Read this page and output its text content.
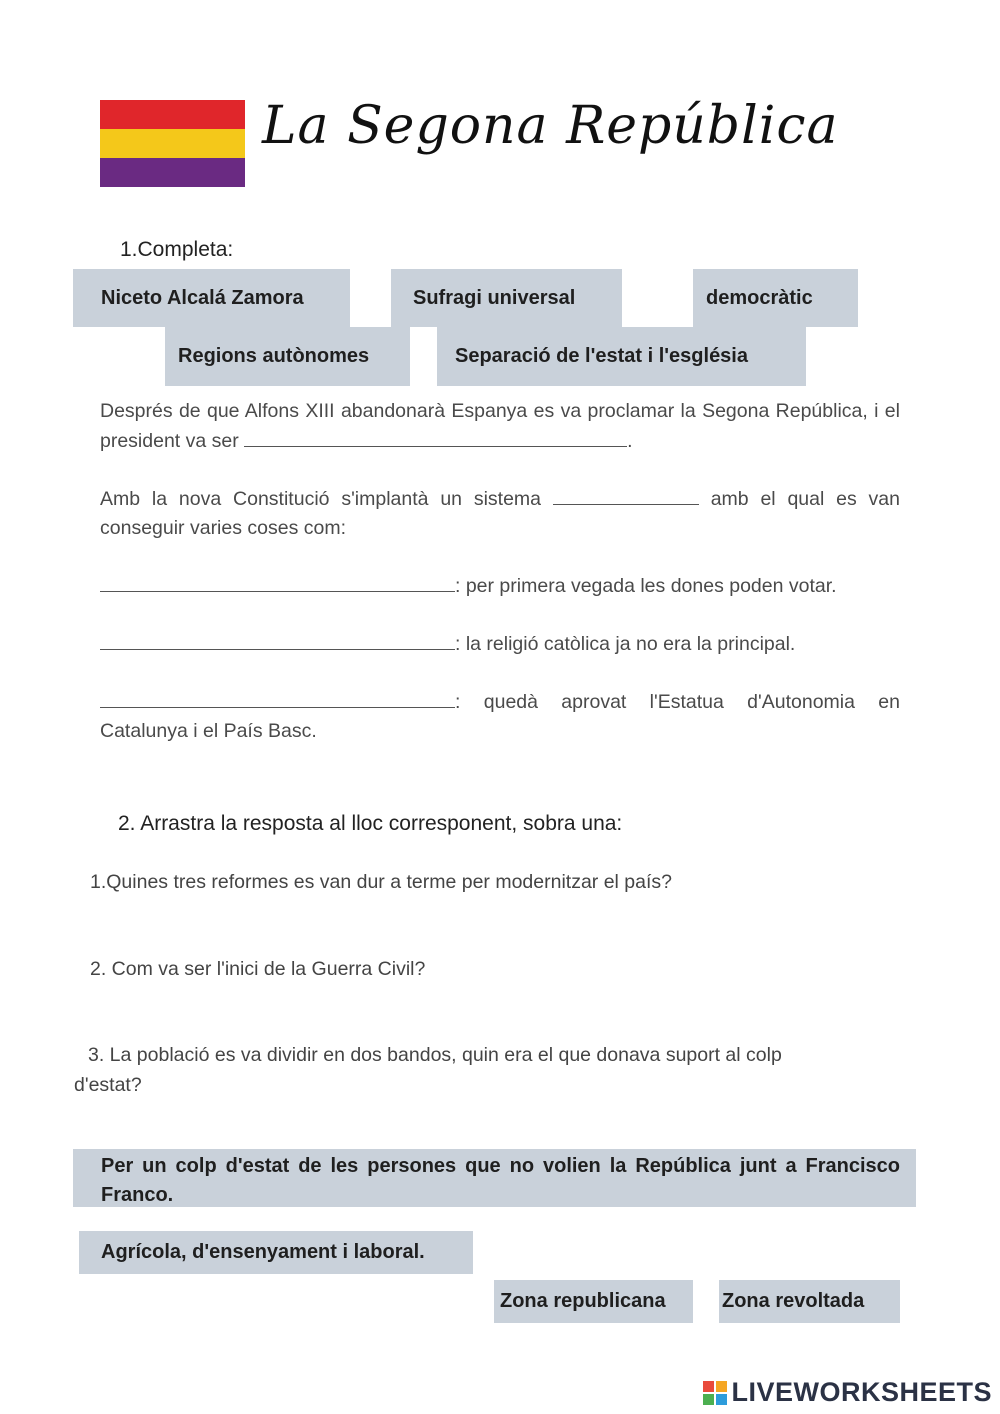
La Segona República
1.Completa:
Niceto Alcalá Zamora	Sufragi universal	democràtic
Regions autònomes	Separació de l'estat i l'església
Després de que Alfons XIII abandonarà Espanya es va proclamar la Segona República, i el president va ser	.
Amb la nova Constitució s'implantà un sistema	amb el qual es van conseguir varies coses com:
: per primera vegada les dones poden votar.
: la religió catòlica ja no era la principal.
: quedà aprovat l'Estatua d'Autonomia en Catalunya i el País Basc.
2. Arrastra la resposta al lloc corresponent, sobra una:
1.Quines tres reformes es van dur a terme per modernitzar el país?
2. Com va ser l'inici de la Guerra Civil?
3. La població es va dividir en dos bandos, quin era el que donava suport al colp
d'estat?
Per un colp d'estat de les persones que no volien la República junt a Francisco Franco.
Agrícola, d'ensenyament i laboral.
Zona republicana	Zona revoltada
LIVEWORKSHEETS
